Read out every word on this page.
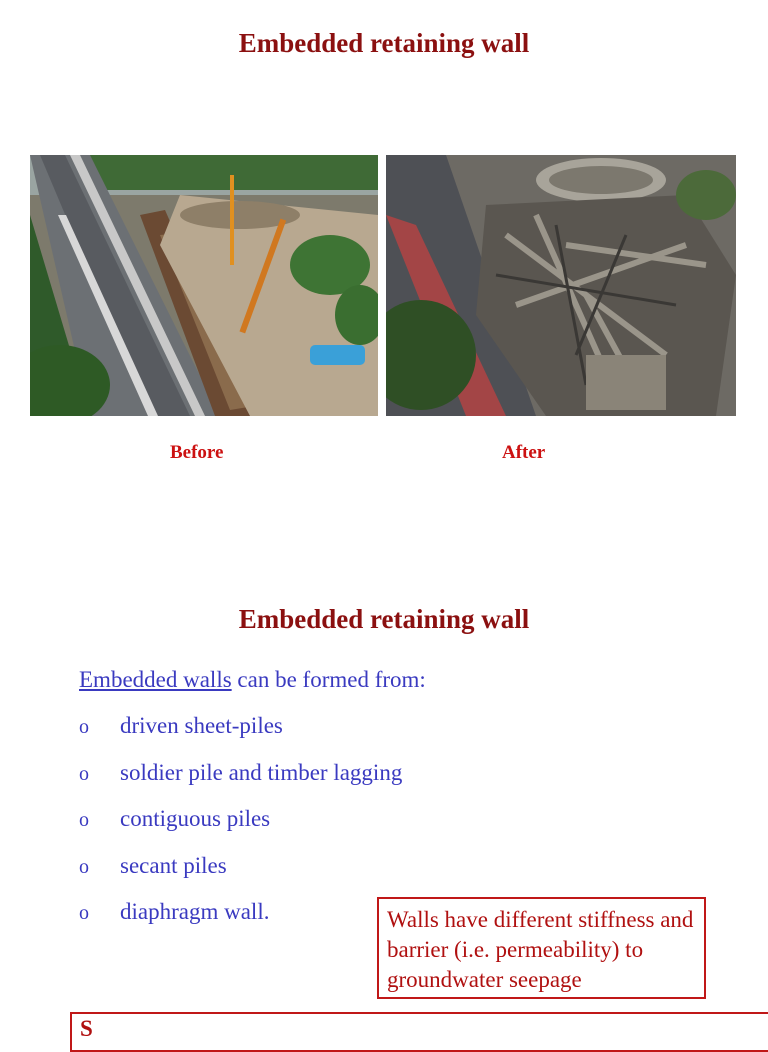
Embedded retaining wall
Before	After
Embedded retaining wall
Embedded walls can be formed from:
o	driven sheet-piles
o	soldier pile and timber lagging
o	contiguous piles
o	secant piles
o	diaphragm wall.	Walls have different stiffness and barrier (i.e. permeability) to groundwater seepage
S
